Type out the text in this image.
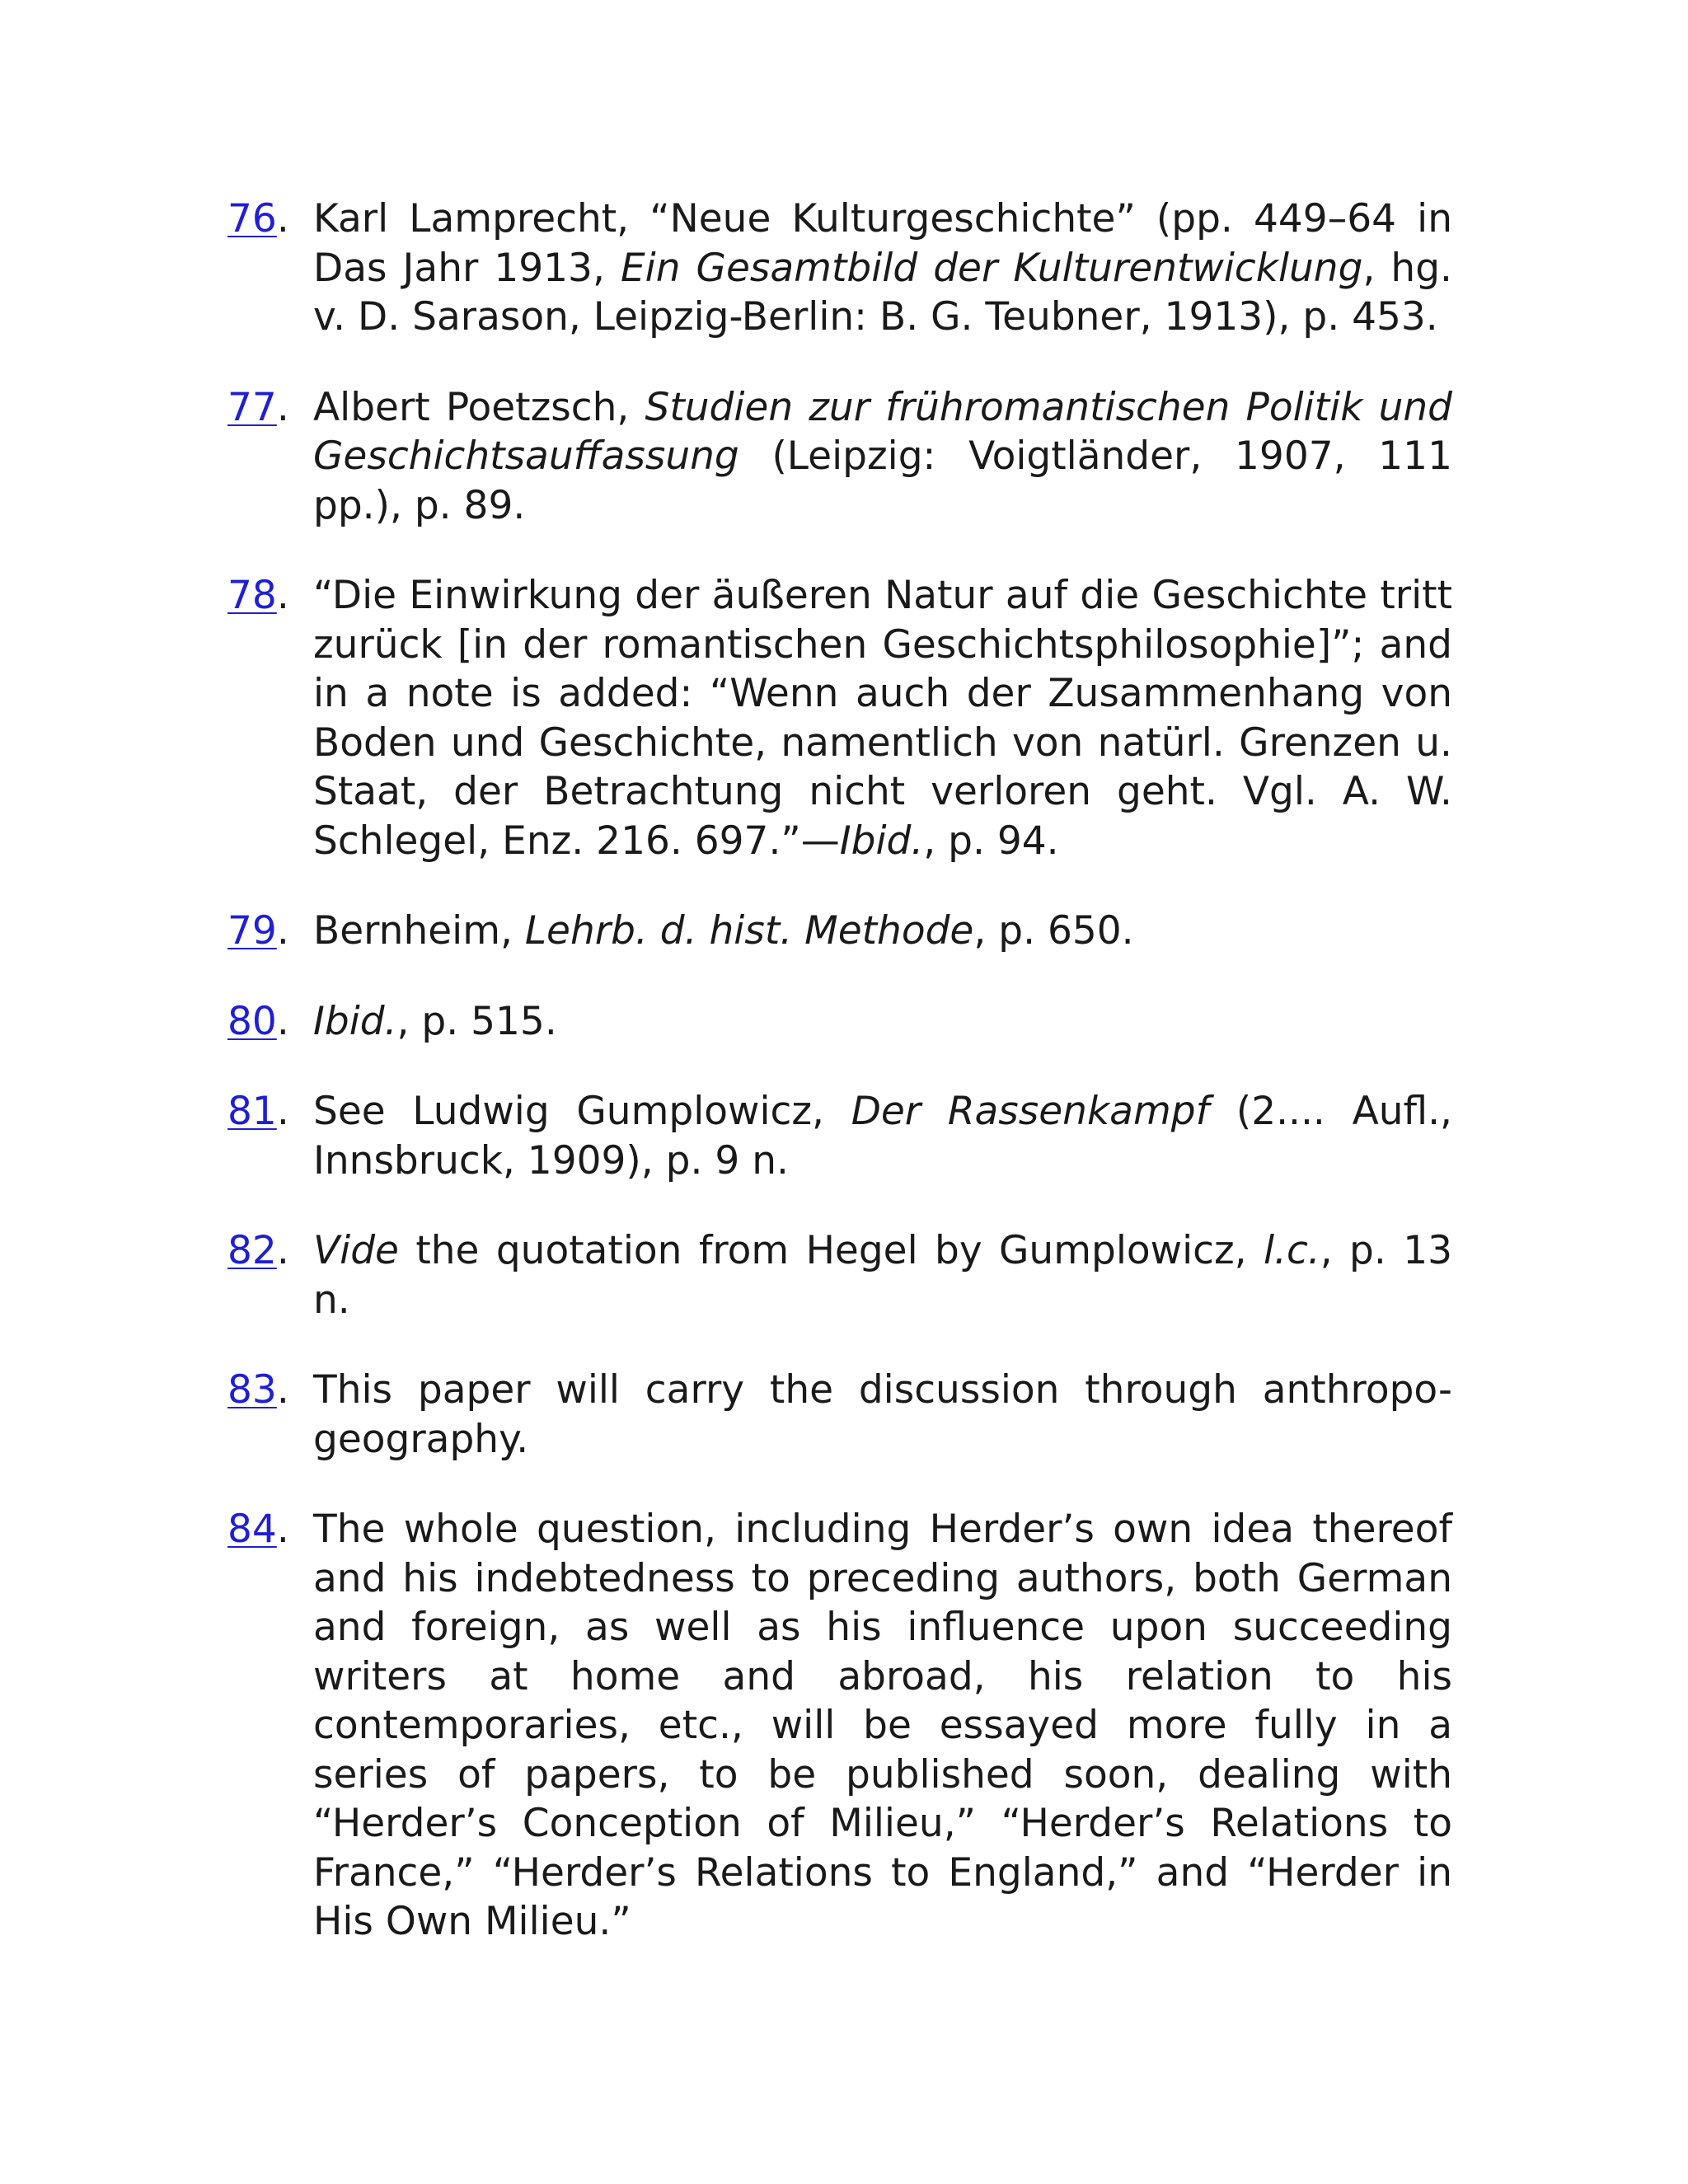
76. Karl Lamprecht, “Neue Kulturgeschichte” (pp. 449–64 in Das Jahr 1913, Ein Gesamtbild der Kulturentwicklung, hg. v. D. Sarason, Leipzig-Berlin: B. G. Teubner, 1913), p. 453.
77. Albert Poetzsch, Studien zur frühromantischen Politik und Geschichtsauffassung (Leipzig: Voigtländer, 1907, 111 pp.), p. 89.
78. “Die Einwirkung der äußeren Natur auf die Geschichte tritt zurück [in der romantischen Geschichtsphilosophie]”; and in a note is added: “Wenn auch der Zusammenhang von Boden und Geschichte, namentlich von natürl. Grenzen u. Staat, der Betrachtung nicht verloren geht. Vgl. A. W. Schlegel, Enz. 216. 697.”—Ibid., p. 94.
79. Bernheim, Lehrb. d. hist. Methode, p. 650.
80. Ibid., p. 515.
81. See Ludwig Gumplowicz, Der Rassenkampf (2.... Aufl., Innsbruck, 1909), p. 9 n.
82. Vide the quotation from Hegel by Gumplowicz, l.c., p. 13 n.
83. This paper will carry the discussion through anthropo-geography.
84. The whole question, including Herder’s own idea thereof and his indebtedness to preceding authors, both German and foreign, as well as his influence upon succeeding writers at home and abroad, his relation to his contemporaries, etc., will be essayed more fully in a series of papers, to be published soon, dealing with “Herder’s Conception of Milieu,” “Herder’s Relations to France,” “Herder’s Relations to England,” and “Herder in His Own Milieu.”
